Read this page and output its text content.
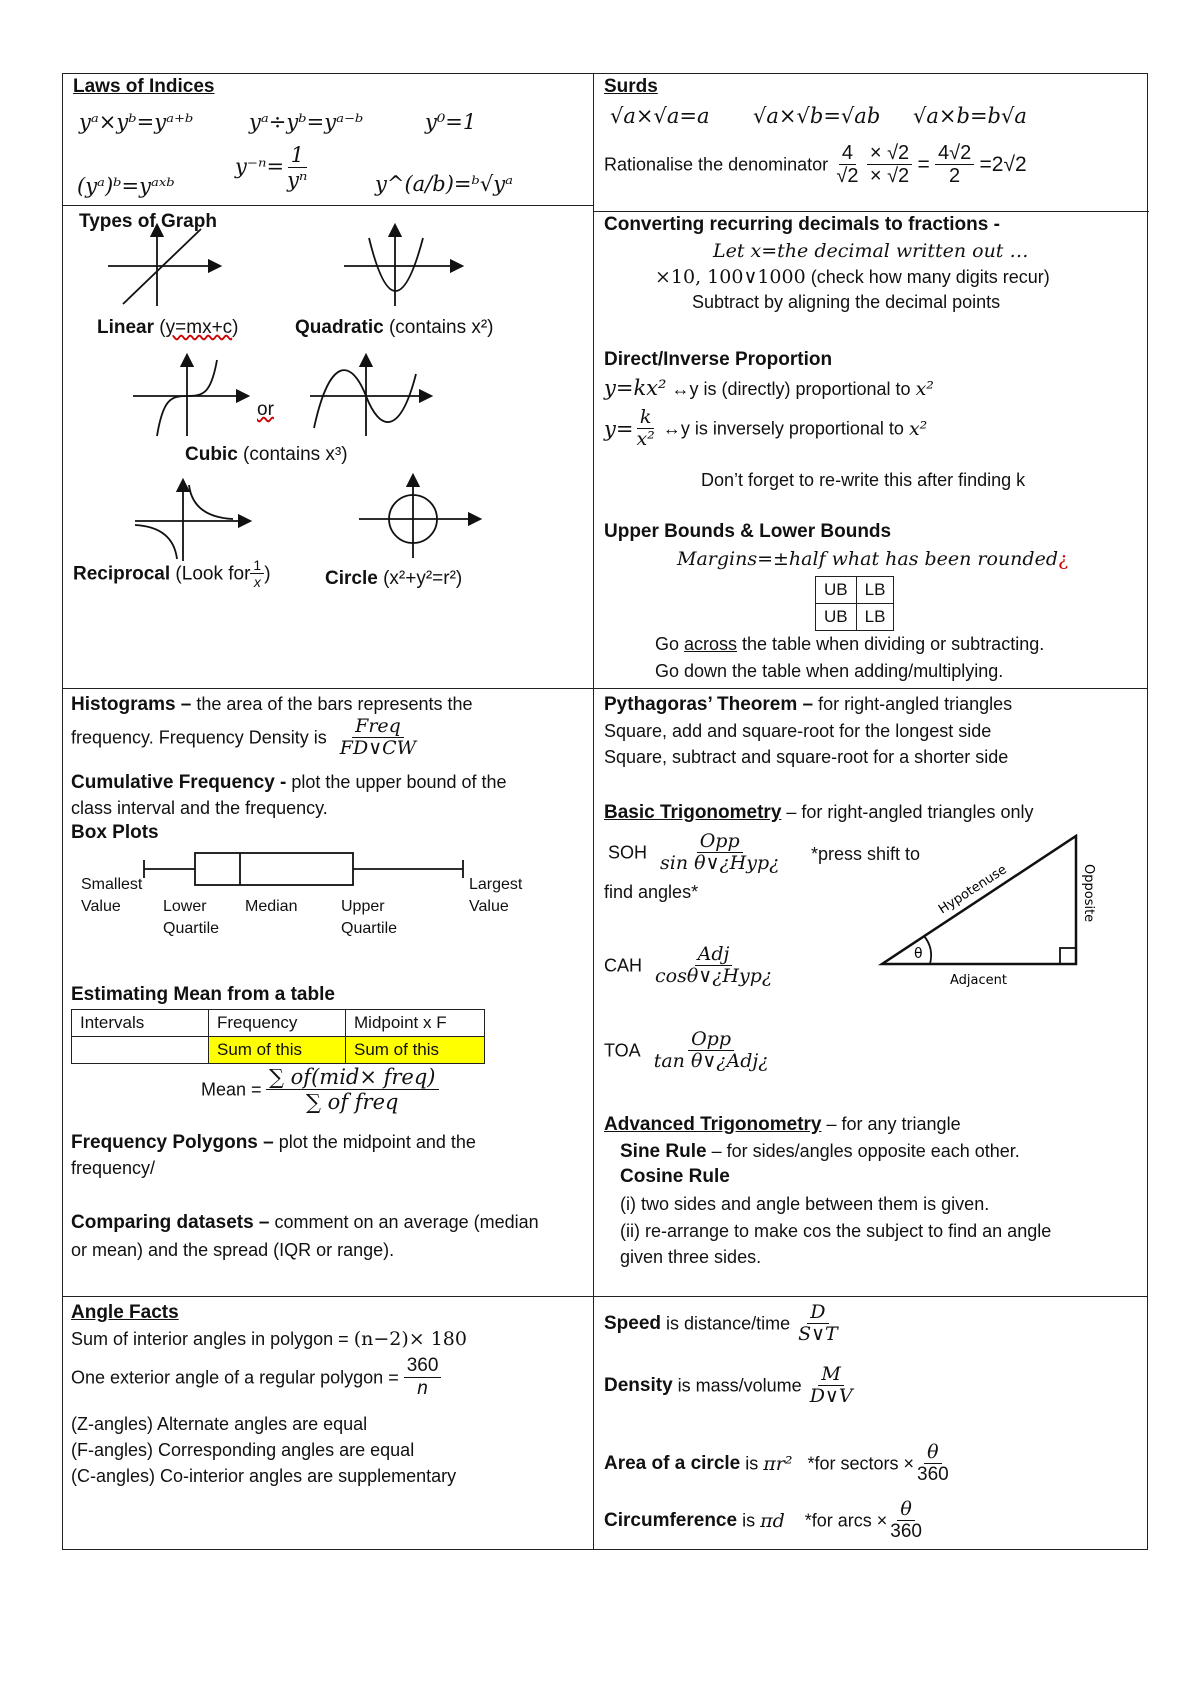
Laws of Indices
yᵃ×yᵇ=yᵃ⁺ᵇ	yᵃ÷yᵇ=yᵃ⁻ᵇ	y⁰=1
(yᵃ)ᵇ=yᵃˣᵇ
$y^{-n}= \frac{1}{\text{yⁿ}}$	y^(a/b)=ᵇ√yᵃ
Surds
√a×√a=a √a×√b=√ab √a×b=b√a
Rationalise the denominator $\frac{4}{√2}$
$\frac{\times √2}{\times √2} = \frac{4√2}{2} =2√2$
Types of Graph
Linear (y=mx+c)	Quadratic (contains x²)
or
Cubic (contains x³)
Reciprocal (Look for $\frac{1}{x}$ )	Circle (x²+y²=r²)
Converting recurring decimals to fractions -
Let x=the decimal written out …
×10, 100∨1000 (check how many digits recur)
Subtract by aligning the decimal points
Direct/Inverse Proportion
y=kx² ↔y is (directly) proportional to x²
$y= \frac{k}{\text{x²}}$ ↔y is inversely proportional to x²
Don’t forget to re-write this after finding k
Upper Bounds & Lower Bounds
Margins=±half what has been rounded¿
UB	LB
UB	LB
Go across the table when dividing or subtracting.
Go down the table when adding/multiplying.
Histograms – the area of the bars represents the
frequency. Frequency Density is $\frac{\text{Freq}}{FD\vee CW}$
Cumulative Frequency - plot the upper bound of the
class interval and the frequency.
Box Plots
Smallest
Value	Lower
Quartile
Median	Upper
Quartile
Largest
Value
Estimating Mean from a table
Intervals	Frequency	Midpoint x F
	Sum of this	Sum of this
Mean = $\frac{\text{∑ of(mid× freq)}}{\text{∑ of freq}}$
Frequency Polygons – plot the midpoint and the
frequency/
Comparing datasets – comment on an average (median
or mean) and the spread (IQR or range).
Pythagoras’ Theorem – for right-angled triangles
Square, add and square-root for the longest side
Square, subtract and square-root for a shorter side
Basic Trigonometry – for right-angled triangles only
SOH $\frac{\text{Opp}}{\text{sin θ∨¿Hyp¿}}$ *press shift to
find angles*
CAH $\frac{\text{Adj}}{\text{cosθ∨¿Hyp¿}}$
TOA $\frac{\text{Opp}}{\text{tan θ∨¿Adj¿}}$
θ
Hypotenuse	Opposite
Adjacent
Advanced Trigonometry – for any triangle
Sine Rule – for sides/angles opposite each other.
Cosine Rule
(i) two sides and angle between them is given.
(ii) re-arrange to make cos the subject to find an angle
given three sides.
Angle Facts
Sum of interior angles in polygon = (n−2)× 180
One exterior angle of a regular polygon = $\frac{360}{n}$
(Z-angles) Alternate angles are equal
(F-angles) Corresponding angles are equal
(C-angles) Co-interior angles are supplementary
Speed is distance/time $\frac{D}{S\vee T}$
Density is mass/volume $\frac{M}{D\vee V}$
Area of a circle is πr² *for sectors × $\frac{\theta}{360}$
Circumference is πd *for arcs × $\frac{\theta}{360}$
